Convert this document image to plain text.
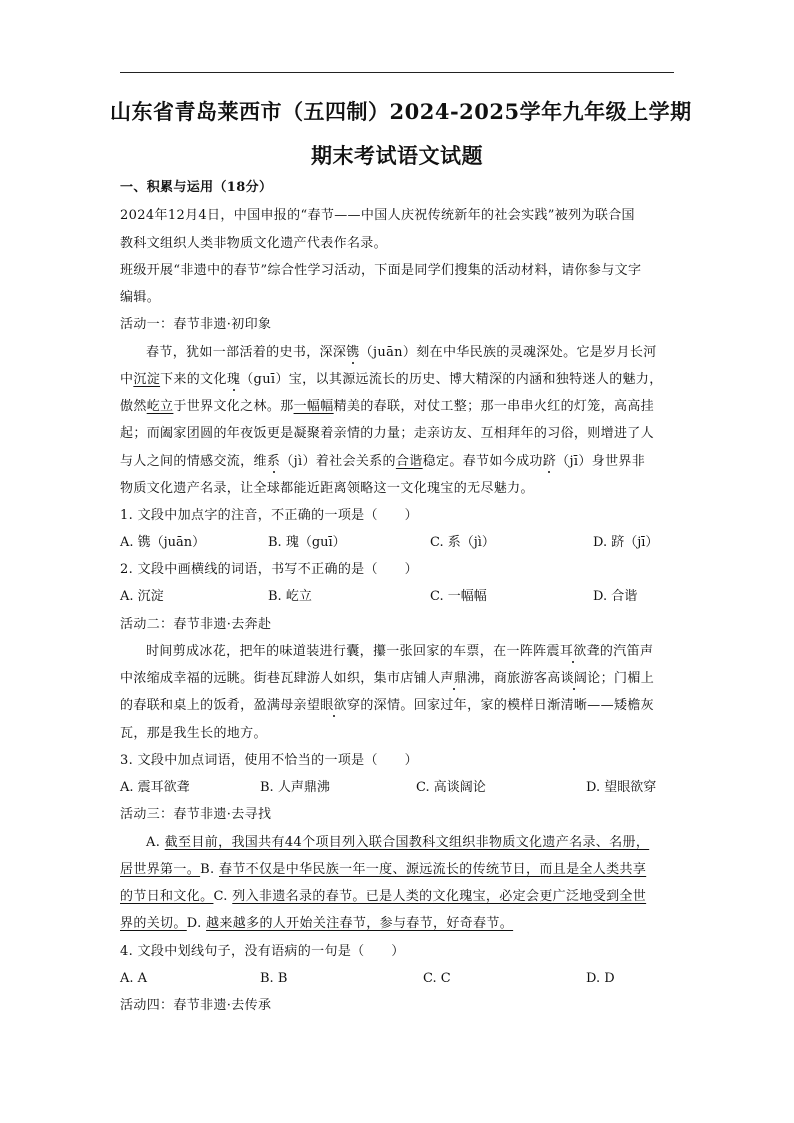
山东省青岛莱西市（五四制）2024-2025学年九年级上学期
期末考试语文试题
一、积累与运用（18分）
2024年12月4日，中国申报的“春节——中国人庆祝传统新年的社会实践”被列为联合国
教科文组织人类非物质文化遗产代表作名录。
班级开展“非遗中的春节”综合性学习活动，下面是同学们搜集的活动材料，请你参与文字
编辑。
活动一：春节非遗·初印象
春节，犹如一部活着的史书，深深镌（juān）刻在中华民族的灵魂深处。它是岁月长河
中沉淀下来的文化瑰（guī）宝，以其源远流长的历史、博大精深的内涵和独特迷人的魅力，
傲然屹立于世界文化之林。那一幅幅精美的春联，对仗工整；那一串串火红的灯笼，高高挂
起；而阖家团圆的年夜饭更是凝聚着亲情的力量；走亲访友、互相拜年的习俗，则增进了人
与人之间的情感交流，维系（jì）着社会关系的合谐稳定。春节如今成功跻（jī）身世界非
物质文化遗产名录，让全球都能近距离领略这一文化瑰宝的无尽魅力。
1. 文段中加点字的注音，不正确的一项是（　　）
A. 镌（juān）	B. 瑰（guī）	C. 系（jì）	D. 跻（jī）
2. 文段中画横线的词语，书写不正确的是（　　）
A. 沉淀	B. 屹立	C. 一幅幅	D. 合谐
活动二：春节非遗·去奔赴
时间剪成冰花，把年的味道装进行囊，攥一张回家的车票，在一阵阵震耳欲聋的汽笛声
中浓缩成幸福的远眺。街巷瓦肆游人如织，集市店铺人声鼎沸，商旅游客高谈阔论；门楣上
的春联和桌上的饭肴，盈满母亲望眼欲穿的深情。回家过年，家的模样日渐清晰——矮檐灰
瓦，那是我生长的地方。
3. 文段中加点词语，使用不恰当的一项是（　　）
A. 震耳欲聋	B. 人声鼎沸	C. 高谈阔论	D. 望眼欲穿
活动三：春节非遗·去寻找
A. 截至目前，我国共有44个项目列入联合国教科文组织非物质文化遗产名录、名册，
居世界第一。B. 春节不仅是中华民族一年一度、源远流长的传统节日，而且是全人类共享
的节日和文化。C. 列入非遗名录的春节。已是人类的文化瑰宝，必定会更广泛地受到全世
界的关切。D. 越来越多的人开始关注春节，参与春节，好奇春节。
4. 文段中划线句子，没有语病的一句是（　　）
A. A	B. B	C. C	D. D
活动四：春节非遗·去传承
